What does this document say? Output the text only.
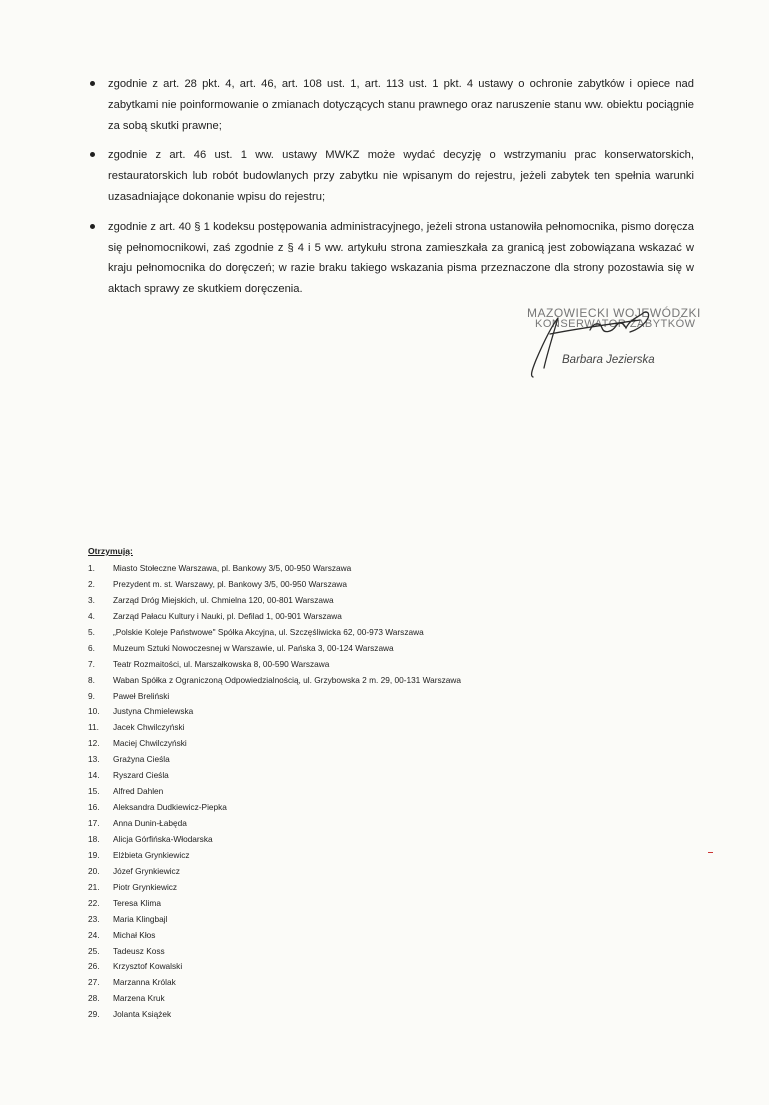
zgodnie z art. 28 pkt. 4, art. 46, art. 108 ust. 1, art. 113 ust. 1 pkt. 4 ustawy o ochronie zabytków i opiece nad zabytkami nie poinformowanie o zmianach dotyczących stanu prawnego oraz naruszenie stanu ww. obiektu pociągnie za sobą skutki prawne;
zgodnie z art. 46 ust. 1 ww. ustawy MWKZ może wydać decyzję o wstrzymaniu prac konserwatorskich, restauratorskich lub robót budowlanych przy zabytku nie wpisanym do rejestru, jeżeli zabytek ten spełnia warunki uzasadniające dokonanie wpisu do rejestru;
zgodnie z art. 40 § 1 kodeksu postępowania administracyjnego, jeżeli strona ustanowiła pełnomocnika, pismo doręcza się pełnomocnikowi, zaś zgodnie z § 4 i 5 ww. artykułu strona zamieszkała za granicą jest zobowiązana wskazać w kraju pełnomocnika do doręczeń; w razie braku takiego wskazania pisma przeznaczone dla strony pozostawia się w aktach sprawy ze skutkiem doręczenia.
MAZOWIECKI WOJEWÓDZKI
KONSERWATOR ZABYTKÓW
Barbara Jezierska
Otrzymują:
1. Miasto Stołeczne Warszawa, pl. Bankowy 3/5, 00-950 Warszawa
2. Prezydent m. st. Warszawy, pl. Bankowy 3/5, 00-950 Warszawa
3. Zarząd Dróg Miejskich, ul. Chmielna 120, 00-801 Warszawa
4. Zarząd Pałacu Kultury i Nauki, pl. Defilad 1, 00-901 Warszawa
5. „Polskie Koleje Państwowe" Spółka Akcyjna, ul. Szczęśliwicka 62, 00-973 Warszawa
6. Muzeum Sztuki Nowoczesnej w Warszawie, ul. Pańska 3, 00-124 Warszawa
7. Teatr Rozmaitości, ul. Marszałkowska 8, 00-590 Warszawa
8. Waban Spółka z Ograniczoną Odpowiedzialnością, ul. Grzybowska 2 m. 29, 00-131 Warszawa
9. Paweł Breliński
10. Justyna Chmielewska
11. Jacek Chwilczyński
12. Maciej Chwilczyński
13. Grażyna Cieśla
14. Ryszard Cieśla
15. Alfred Dahlen
16. Aleksandra Dudkiewicz-Piepka
17. Anna Dunin-Łabęda
18. Alicja Górfińska-Włodarska
19. Elżbieta Grynkiewicz
20. Józef Grynkiewicz
21. Piotr Grynkiewicz
22. Teresa Klima
23. Maria Klingbajl
24. Michał Kłos
25. Tadeusz Koss
26. Krzysztof Kowalski
27. Marzanna Królak
28. Marzena Kruk
29. Jolanta Książek
